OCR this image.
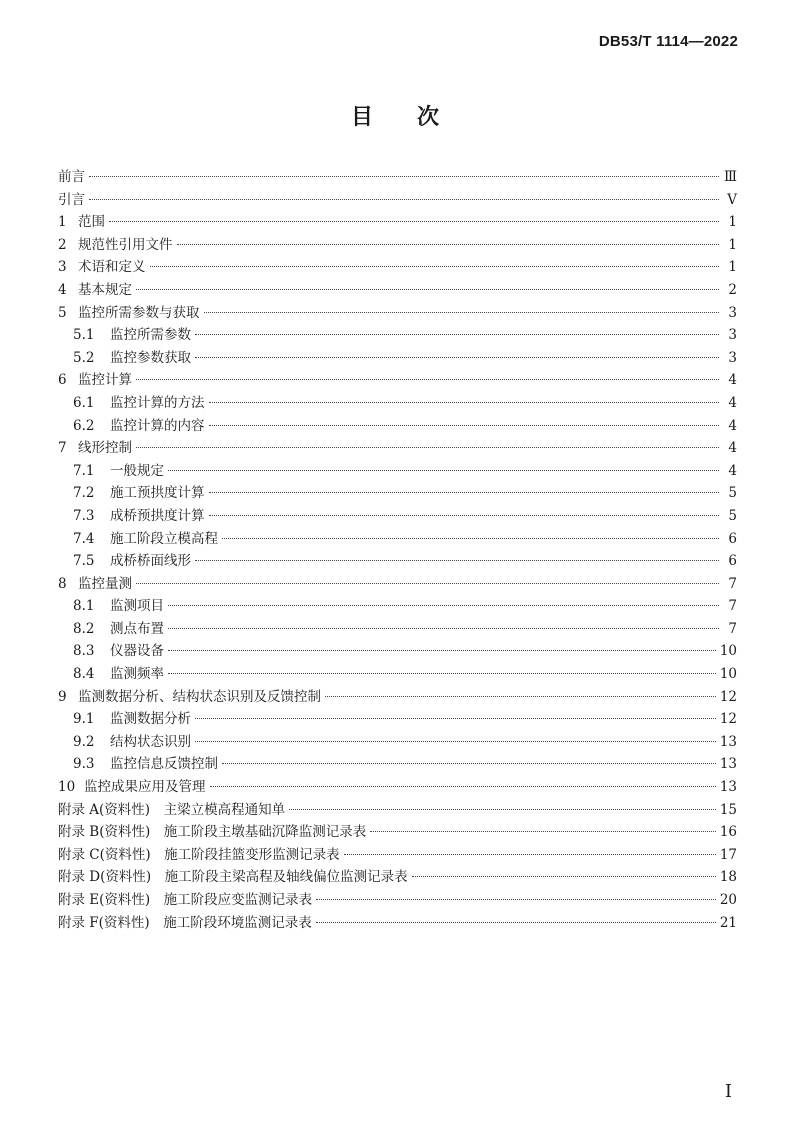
DB53/T 1114—2022
目 次
前言	Ⅲ
引言	V
1 范围	1
2 规范性引用文件	1
3 术语和定义	1
4 基本规定	2
5 监控所需参数与获取	3
5.1	监控所需参数	3
5.2	监控参数获取	3
6 监控计算	4
6.1	监控计算的方法	4
6.2	监控计算的内容	4
7 线形控制	4
7.1	一般规定	4
7.2	施工预拱度计算	5
7.3	成桥预拱度计算	5
7.4	施工阶段立模高程	6
7.5	成桥桥面线形	6
8 监控量测	7
8.1	监测项目	7
8.2	测点布置	7
8.3	仪器设备	10
8.4	监测频率	10
9 监测数据分析、结构状态识别及反馈控制	12
9.1	监测数据分析	12
9.2	结构状态识别	13
9.3	监控信息反馈控制	13
10 监控成果应用及管理	13
附录 A(资料性)　主梁立模高程通知单	15
附录 B(资料性)　施工阶段主墩基础沉降监测记录表	16
附录 C(资料性)　施工阶段挂篮变形监测记录表	17
附录 D(资料性)　施工阶段主梁高程及轴线偏位监测记录表	18
附录 E(资料性)　施工阶段应变监测记录表	20
附录 F(资料性)　施工阶段环境监测记录表	21
I
